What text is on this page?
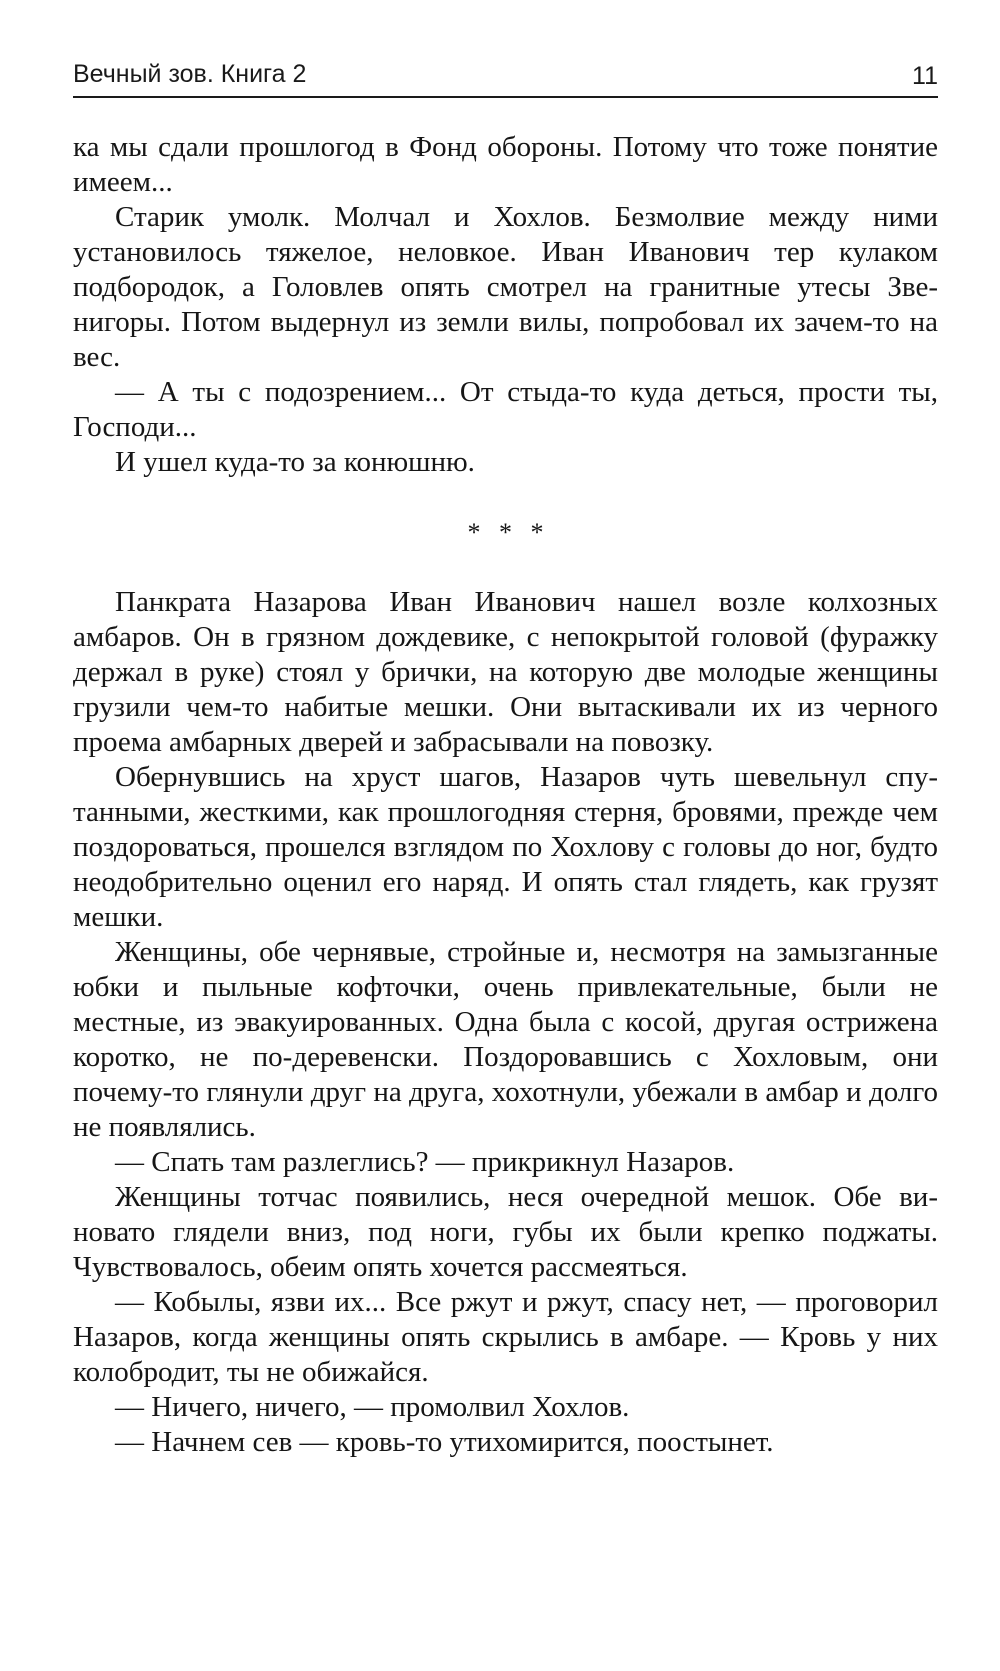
Вечный зов. Книга 2	11

ка мы сдали прошлогод в Фонд обороны. Потому что тоже понятие имеем...

Старик умолк. Молчал и Хохлов. Безмолвие между ними установилось тяжелое, неловкое. Иван Иванович тер кулаком подбородок, а Головлев опять смотрел на гранитные утесы Звенигоры. Потом выдернул из земли вилы, попробовал их зачем-то на вес.

— А ты с подозрением... От стыда-то куда деться, прости ты, Господи...

И ушел куда-то за конюшню.

* * *

Панкрата Назарова Иван Иванович нашел возле колхозных амбаров. Он в грязном дождевике, с непокрытой головой (фуражку держал в руке) стоял у брички, на которую две молодые женщины грузили чем-то набитые мешки. Они вытаскивали их из черного проема амбарных дверей и забрасывали на повозку.

Обернувшись на хруст шагов, Назаров чуть шевельнул спутанными, жесткими, как прошлогодняя стерня, бровями, прежде чем поздороваться, прошелся взглядом по Хохлову с головы до ног, будто неодобрительно оценил его наряд. И опять стал глядеть, как грузят мешки.

Женщины, обе чернявые, стройные и, несмотря на замызганные юбки и пыльные кофточки, очень привлекательные, были не местные, из эвакуированных. Одна была с косой, другая острижена коротко, не по-деревенски. Поздоровавшись с Хохловым, они почему-то глянули друг на друга, хохотнули, убежали в амбар и долго не появлялись.

— Спать там разлеглись? — прикрикнул Назаров.

Женщины тотчас появились, неся очередной мешок. Обе виновато глядели вниз, под ноги, губы их были крепко поджаты. Чувствовалось, обеим опять хочется рассмеяться.

— Кобылы, язви их... Все ржут и ржут, спасу нет, — проговорил Назаров, когда женщины опять скрылись в амбаре. — Кровь у них колобродит, ты не обижайся.

— Ничего, ничего, — промолвил Хохлов.

— Начнем сев — кровь-то утихомирится, поостынет.
